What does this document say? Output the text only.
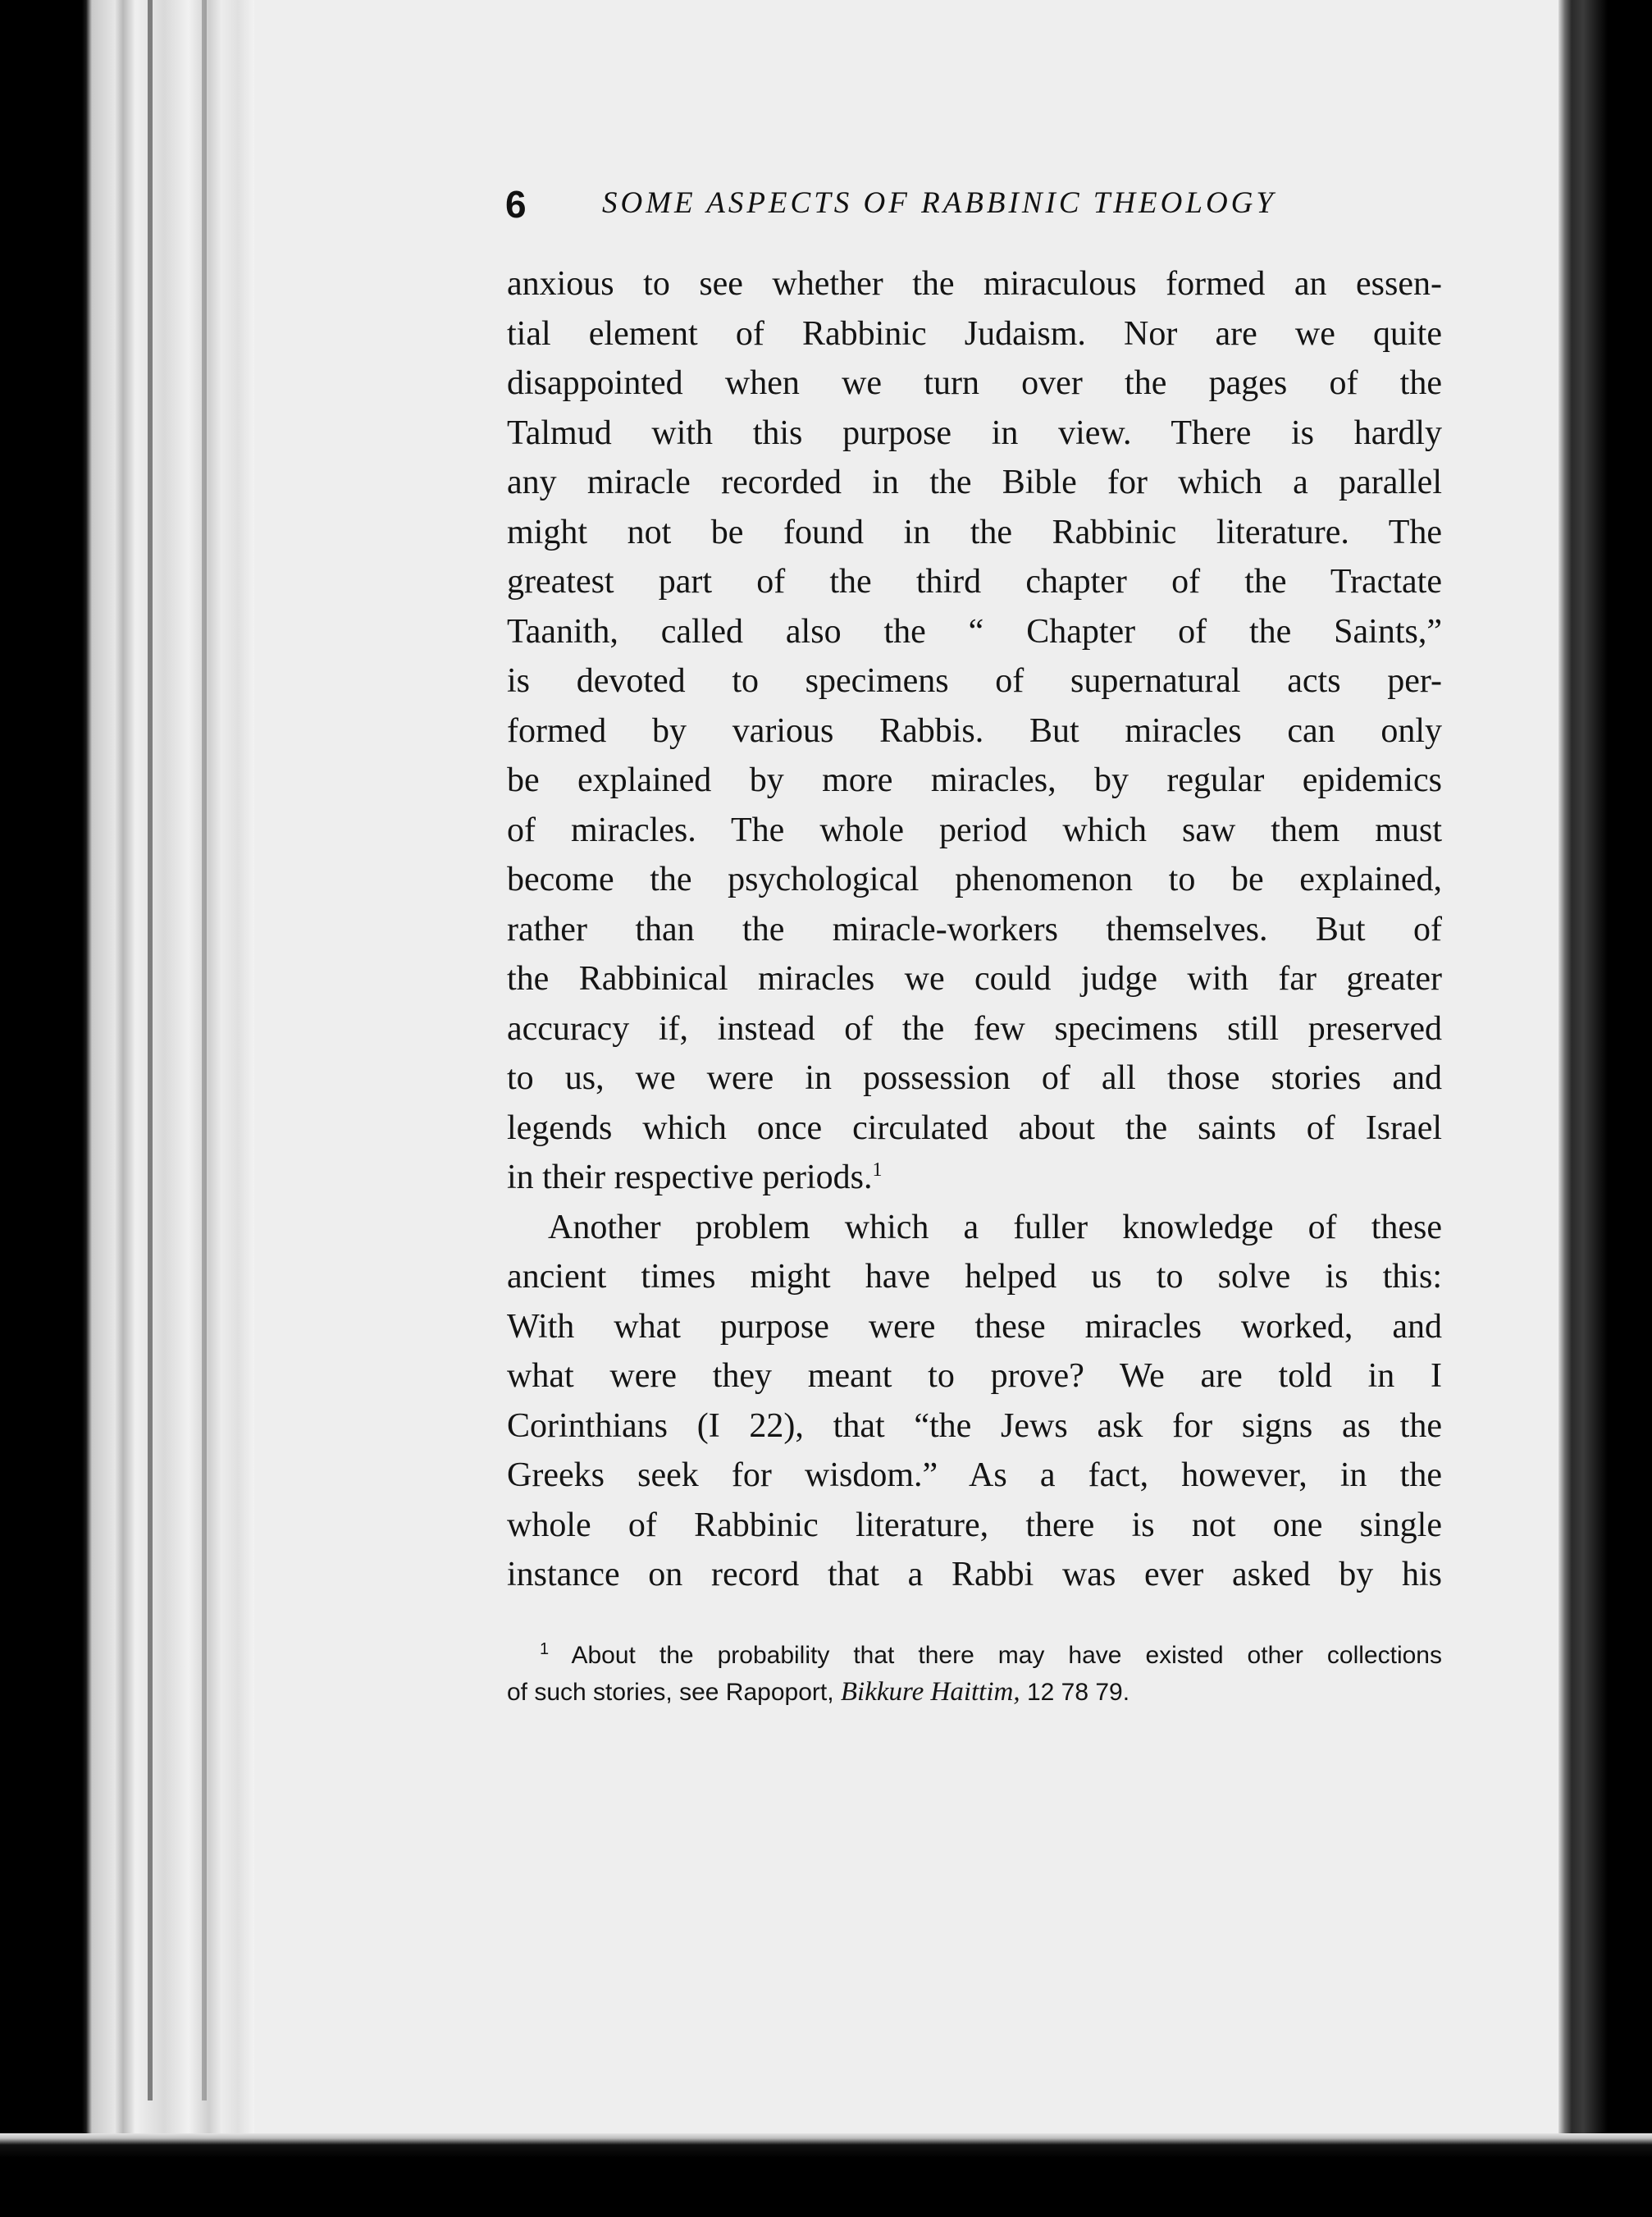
6 SOME ASPECTS OF RABBINIC THEOLOGY
anxious to see whether the miraculous formed an essen-
tial element of Rabbinic Judaism. Nor are we quite
disappointed when we turn over the pages of the
Talmud with this purpose in view. There is hardly
any miracle recorded in the Bible for which a parallel
might not be found in the Rabbinic literature. The
greatest part of the third chapter of the Tractate
Taanith, called also the “ Chapter of the Saints,”
is devoted to specimens of supernatural acts per-
formed by various Rabbis. But miracles can only
be explained by more miracles, by regular epidemics
of miracles. The whole period which saw them must
become the psychological phenomenon to be explained,
rather than the miracle-workers themselves. But of
the Rabbinical miracles we could judge with far greater
accuracy if, instead of the few specimens still preserved
to us, we were in possession of all those stories and
legends which once circulated about the saints of Israel
in their respective periods.$^1$
Another problem which a fuller knowledge of these
ancient times might have helped us to solve is this:
With what purpose were these miracles worked, and
what were they meant to prove? We are told in I
Corinthians (I 22), that “the Jews ask for signs as the
Greeks seek for wisdom.” As a fact, however, in the
whole of Rabbinic literature, there is not one single
instance on record that a Rabbi was ever asked by his
$^1$ About the probability that there may have existed other collections
of such stories, see Rapoport, Bikkure Haittim, 12 78 79.
